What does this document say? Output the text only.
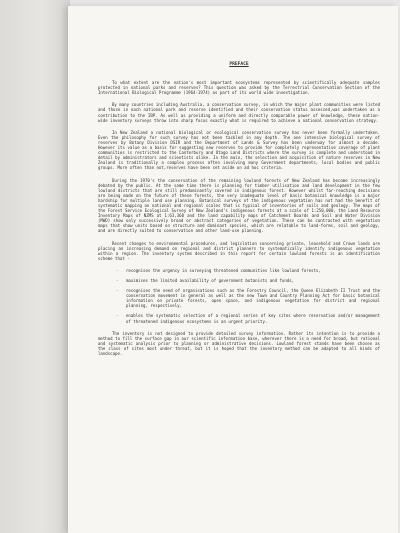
PREFACE

To what extent are the nation's most important ecosystems represented by scientifically adequate samples protected in national parks and reserves? This question was asked by the Terrestrial Conservation Section of the International Biological Programme (1964-1974) as part of its world wide investigation.

By many countries including Australia, a conservation survey, in which the major plant communities were listed and those in each national park and reserve identified and their conservation status assessed,was undertaken as a contribution to the IBP. As well as providing a uniform and directly comparable power of knowledge, these nation-wide inventory surveys throw into sharp focus exactly what is required to achieve a national conservation strategy.

In New Zealand a national biological or ecological conservation survey has never been formally undertaken. Even the philosophy for such survey has not been tackled in any depth. The one intensive biological survey of reserves by Botany Division DSIR and the Department of Lands & Survey has been underway for almost a decade. However its value as a basis for suggesting new reserves to provide for completely representative coverage of plant communities is restricted to the Canterbury and Otago Land Districts where the survey is complete and understood in detail by administrators and scientists alike. In the main, the selection and acquisition of nature reserves in New Zealand is traditionally a complex process often involving many Government departments, local bodies and public groups. More often than not,reserves have been set aside on ad hoc criteria.

During the 1970's the conservation of the remaining lowland forests of New Zealand has become increasingly debated by the public. At the same time there is planning for timber utilisation and land development in the few lowland districts that are still predominantly covered in indigenous forest. However whilst far-reaching decisions are being made on the future of these forests, the very inadequate level of basic botanical knowledge is a major hardship for multiple land use planning. Botanical surveys of the indigenous vegetation has not had the benefit of systematic mapping on national and regional scales that is typical of inventories of soils and geology. The maps of the Forest Service Ecological Survey of New Zealand's indigenous forests at a scale of 1:250,000, the Land Resource Inventory Maps of NZMS at 1:63,360 and the land capability maps of Catchment Boards and Soil and Water Division (MWD) show only successively broad or abstract categories of vegetation. These can be contrasted with vegetation maps that show units based on structure and dominant species, which are relatable to land-forms, soil and geology, and are directly suited to conservation and other land-use planning.

Recent changes to environmental procedures, and legislation concerning private, leasehold and Crown lands are placing an increasing demand on regional and district planners to systematically identify indigenous vegetation within a region. The inventory system described in this report for certain lowland forests is an identification scheme that -

- recognises the urgency in surveying threatened communities like lowland forests,
- maximises the limited availability of government botanists and funds,
- recognises the need of organisations such as the Forestry Council, the Queen Elizabeth II Trust and the conservation movement in general as well as the new Town and Country Planning Act for basic botanical information on private forests, open space, and indigenous vegetation for district and regional planning, respectively,
- enables the systematic selection of a regional series of key sites where reservation and/or management of threatened indigenous ecosystems is an urgent priority.

The inventory is not designed to provide detailed survey information. Rather its intention is to provide a method to fill the surface gap in our scientific information base, wherever there is a need for broad, but rational and systematic analysis prior to planning or administrative decisions. Lowland forest stands have been chosen as the class of sites most under threat, but it is hoped that the inventory method can be adapted to all kinds of landscape.
